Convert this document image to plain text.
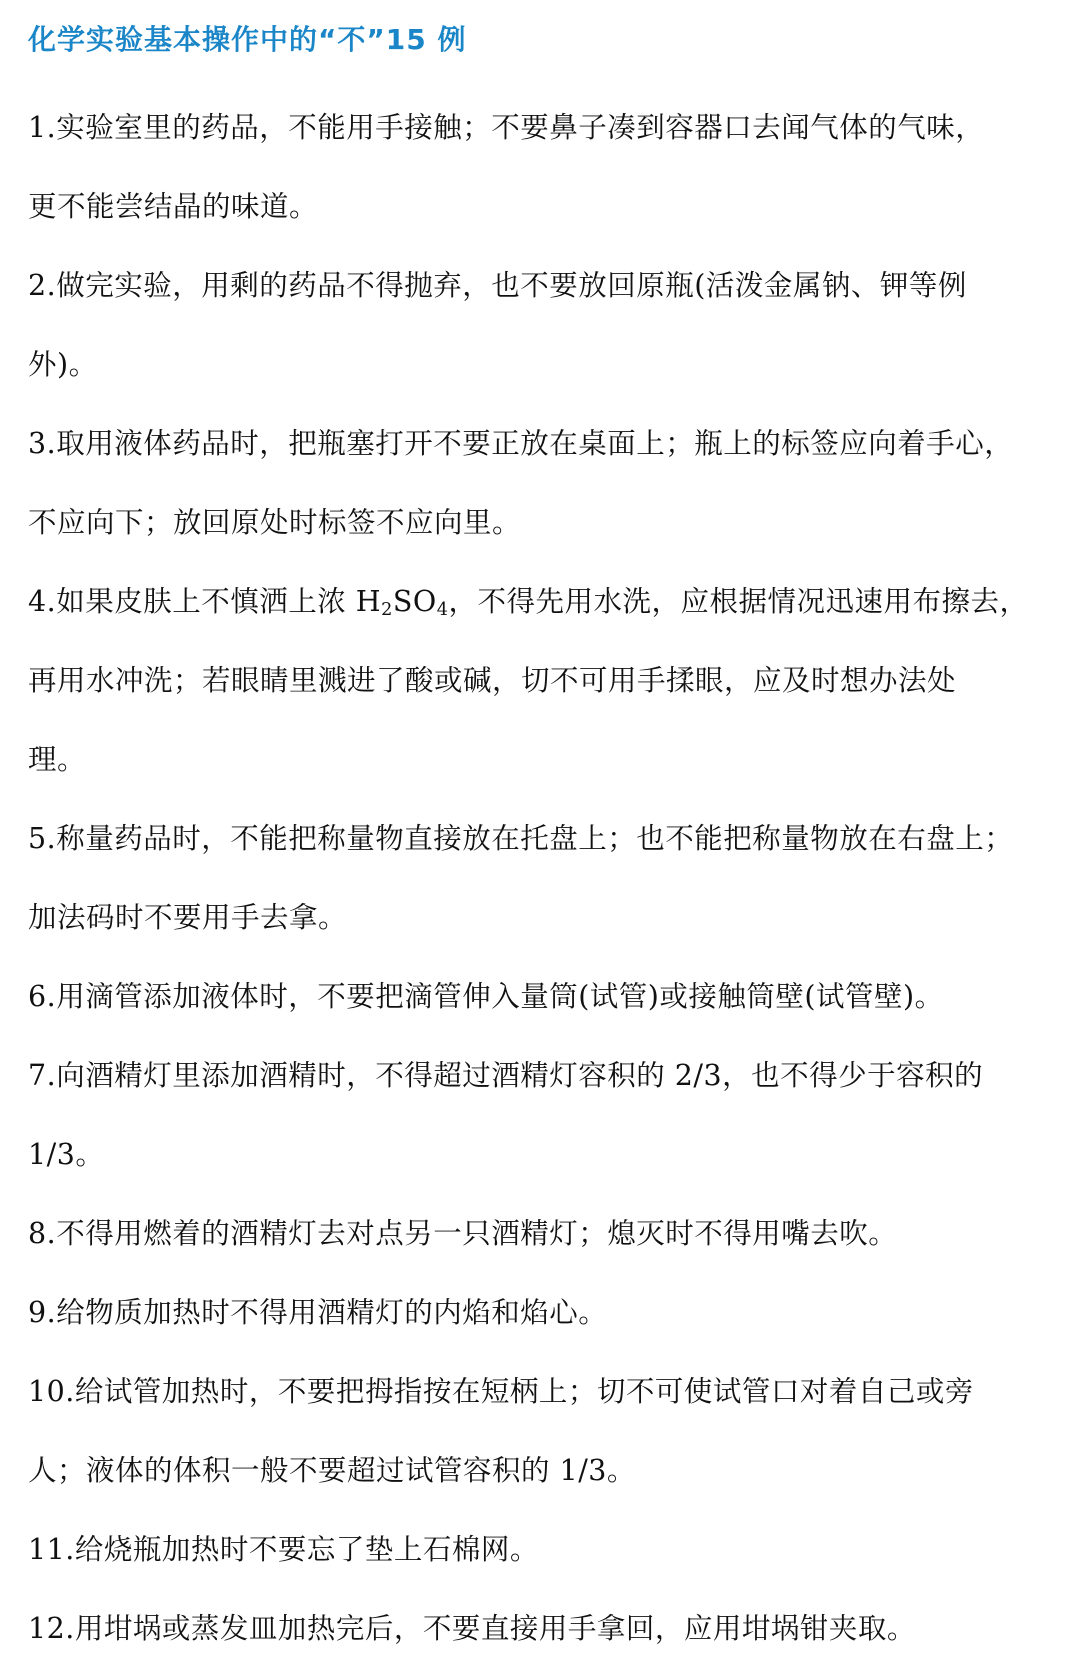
化学实验基本操作中的“不”15 例
1.实验室里的药品，不能用手接触；不要鼻子凑到容器口去闻气体的气味，
更不能尝结晶的味道。
2.做完实验，用剩的药品不得抛弃，也不要放回原瓶(活泼金属钠、钾等例
外)。
3.取用液体药品时，把瓶塞打开不要正放在桌面上；瓶上的标签应向着手心，
不应向下；放回原处时标签不应向里。
4.如果皮肤上不慎洒上浓 $H_2SO_4$，不得先用水洗，应根据情况迅速用布擦去，
再用水冲洗；若眼睛里溅进了酸或碱，切不可用手揉眼，应及时想办法处
理。
5.称量药品时，不能把称量物直接放在托盘上；也不能把称量物放在右盘上；
加法码时不要用手去拿。
6.用滴管添加液体时，不要把滴管伸入量筒(试管)或接触筒壁(试管壁)。
7.向酒精灯里添加酒精时，不得超过酒精灯容积的 2/3，也不得少于容积的
1/3。
8.不得用燃着的酒精灯去对点另一只酒精灯；熄灭时不得用嘴去吹。
9.给物质加热时不得用酒精灯的内焰和焰心。
10.给试管加热时，不要把拇指按在短柄上；切不可使试管口对着自己或旁
人；液体的体积一般不要超过试管容积的 1/3。
11.给烧瓶加热时不要忘了垫上石棉网。
12.用坩埚或蒸发皿加热完后，不要直接用手拿回，应用坩埚钳夹取。
